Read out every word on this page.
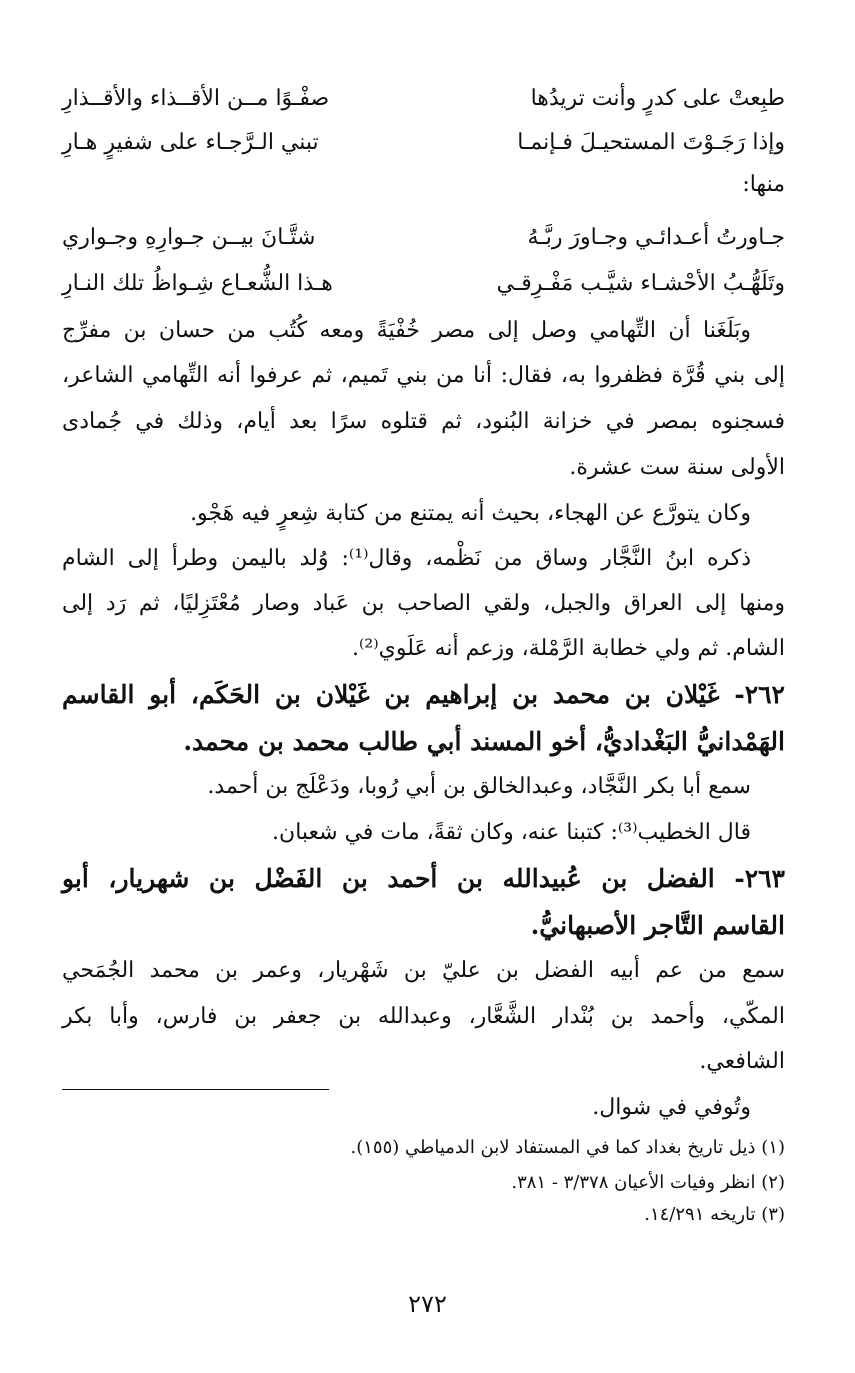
طبِعتْ على كدرٍ وأنت تريدُها
صفْـوًا مــن الأقــذاء والأقــذارِ
وإذا رَجَـوْتَ المستحيـلَ فـإنمـا
تبني الـرَّجـاء على شفيرٍ هـارِ
منها:
جـاورتُ أعـدائـي وجـاورَ ربَّـهُ
شتَّـانَ بيــن جـوارِهِ وجـواري
وتَلَهُّـبُ الأحْشـاء شيَّـب مَفْـرِقـي
هـذا الشُّعـاع شِـواظُ تلك النـارِ
وبَلَغَنا أن التِّهامي وصل إلى مصر خُفْيَةً ومعه كُتُب من حسان بن مفرِّج
إلى بني قُرَّة فظفروا به، فقال: أنا من بني تَميم، ثم عرفوا أنه التِّهامي الشاعر،
فسجنوه بمصر في خزانة البُنود، ثم قتلوه سرًا بعد أيام، وذلك في جُمادى
الأولى سنة ست عشرة.
وكان يتورَّع عن الهجاء، بحيث أنه يمتنع من كتابة شِعرٍ فيه هَجْو.
ذكره ابنُ النَّجَّار وساق من نَظْمه، وقال⁽¹⁾: وُلد باليمن وطرأ إلى الشام
ومنها إلى العراق والجبل، ولقي الصاحب بن عَباد وصار مُعْتَزِليًا، ثم رَد إلى
الشام. ثم ولي خطابة الرَّمْلة، وزعم أنه عَلَوي⁽²⁾.
٢٦٢- غَيْلان بن محمد بن إبراهيم بن غَيْلان بن الحَكَم، أبو القاسم
الهَمْدانيُّ البَغْداديُّ، أخو المسند أبي طالب محمد بن محمد.
سمع أبا بكر النَّجَّاد، وعبدالخالق بن أبي رُوبا، ودَعْلَج بن أحمد.
قال الخطيب⁽³⁾: كتبنا عنه، وكان ثقةً، مات في شعبان.
٢٦٣- الفضل بن عُبيدالله بن أحمد بن الفَضْل بن شهريار، أبو
القاسم التَّاجر الأصبهانيُّ.
سمع من عم أبيه الفضل بن عليّ بن شَهْريار، وعمر بن محمد الجُمَحي
المكّي، وأحمد بن بُنْدار الشَّعَّار، وعبدالله بن جعفر بن فارس، وأبا بكر
الشافعي.
وتُوفي في شوال.
(١) ذيل تاريخ بغداد كما في المستفاد لابن الدمياطي (١٥٥).
(٢) انظر وفيات الأعيان ٣/٣٧٨ - ٣٨١.
(٣) تاريخه ١٤/٢٩١.
٢٧٢
